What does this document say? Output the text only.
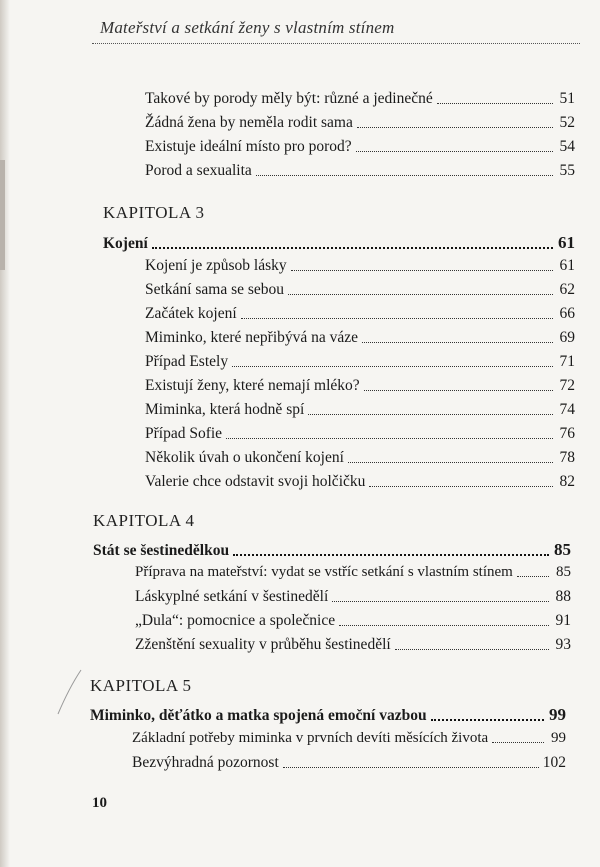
Mateřství a setkání ženy s vlastním stínem
Takové by porody měly být: různé a jedinečné	51
Žádná žena by neměla rodit sama	52
Existuje ideální místo pro porod?	54
Porod a sexualita	55
KAPITOLA 3
Kojení	61
Kojení je způsob lásky	61
Setkání sama se sebou	62
Začátek kojení	66
Miminko, které nepřibývá na váze	69
Případ Estely	71
Existují ženy, které nemají mléko?	72
Miminka, která hodně spí	74
Případ Sofie	76
Několik úvah o ukončení kojení	78
Valerie chce odstavit svoji holčičku	82
KAPITOLA 4
Stát se šestinedělkou	85
Příprava na mateřství: vydat se vstříc setkání s vlastním stínem	85
Láskyplné setkání v šestinedělí	88
„Dula“: pomocnice a společnice	91
Zženštění sexuality v průběhu šestinedělí	93
KAPITOLA 5
Miminko, děťátko a matka spojená emoční vazbou	99
Základní potřeby miminka v prvních devíti měsících života	99
Bezvýhradná pozornost	102
10
